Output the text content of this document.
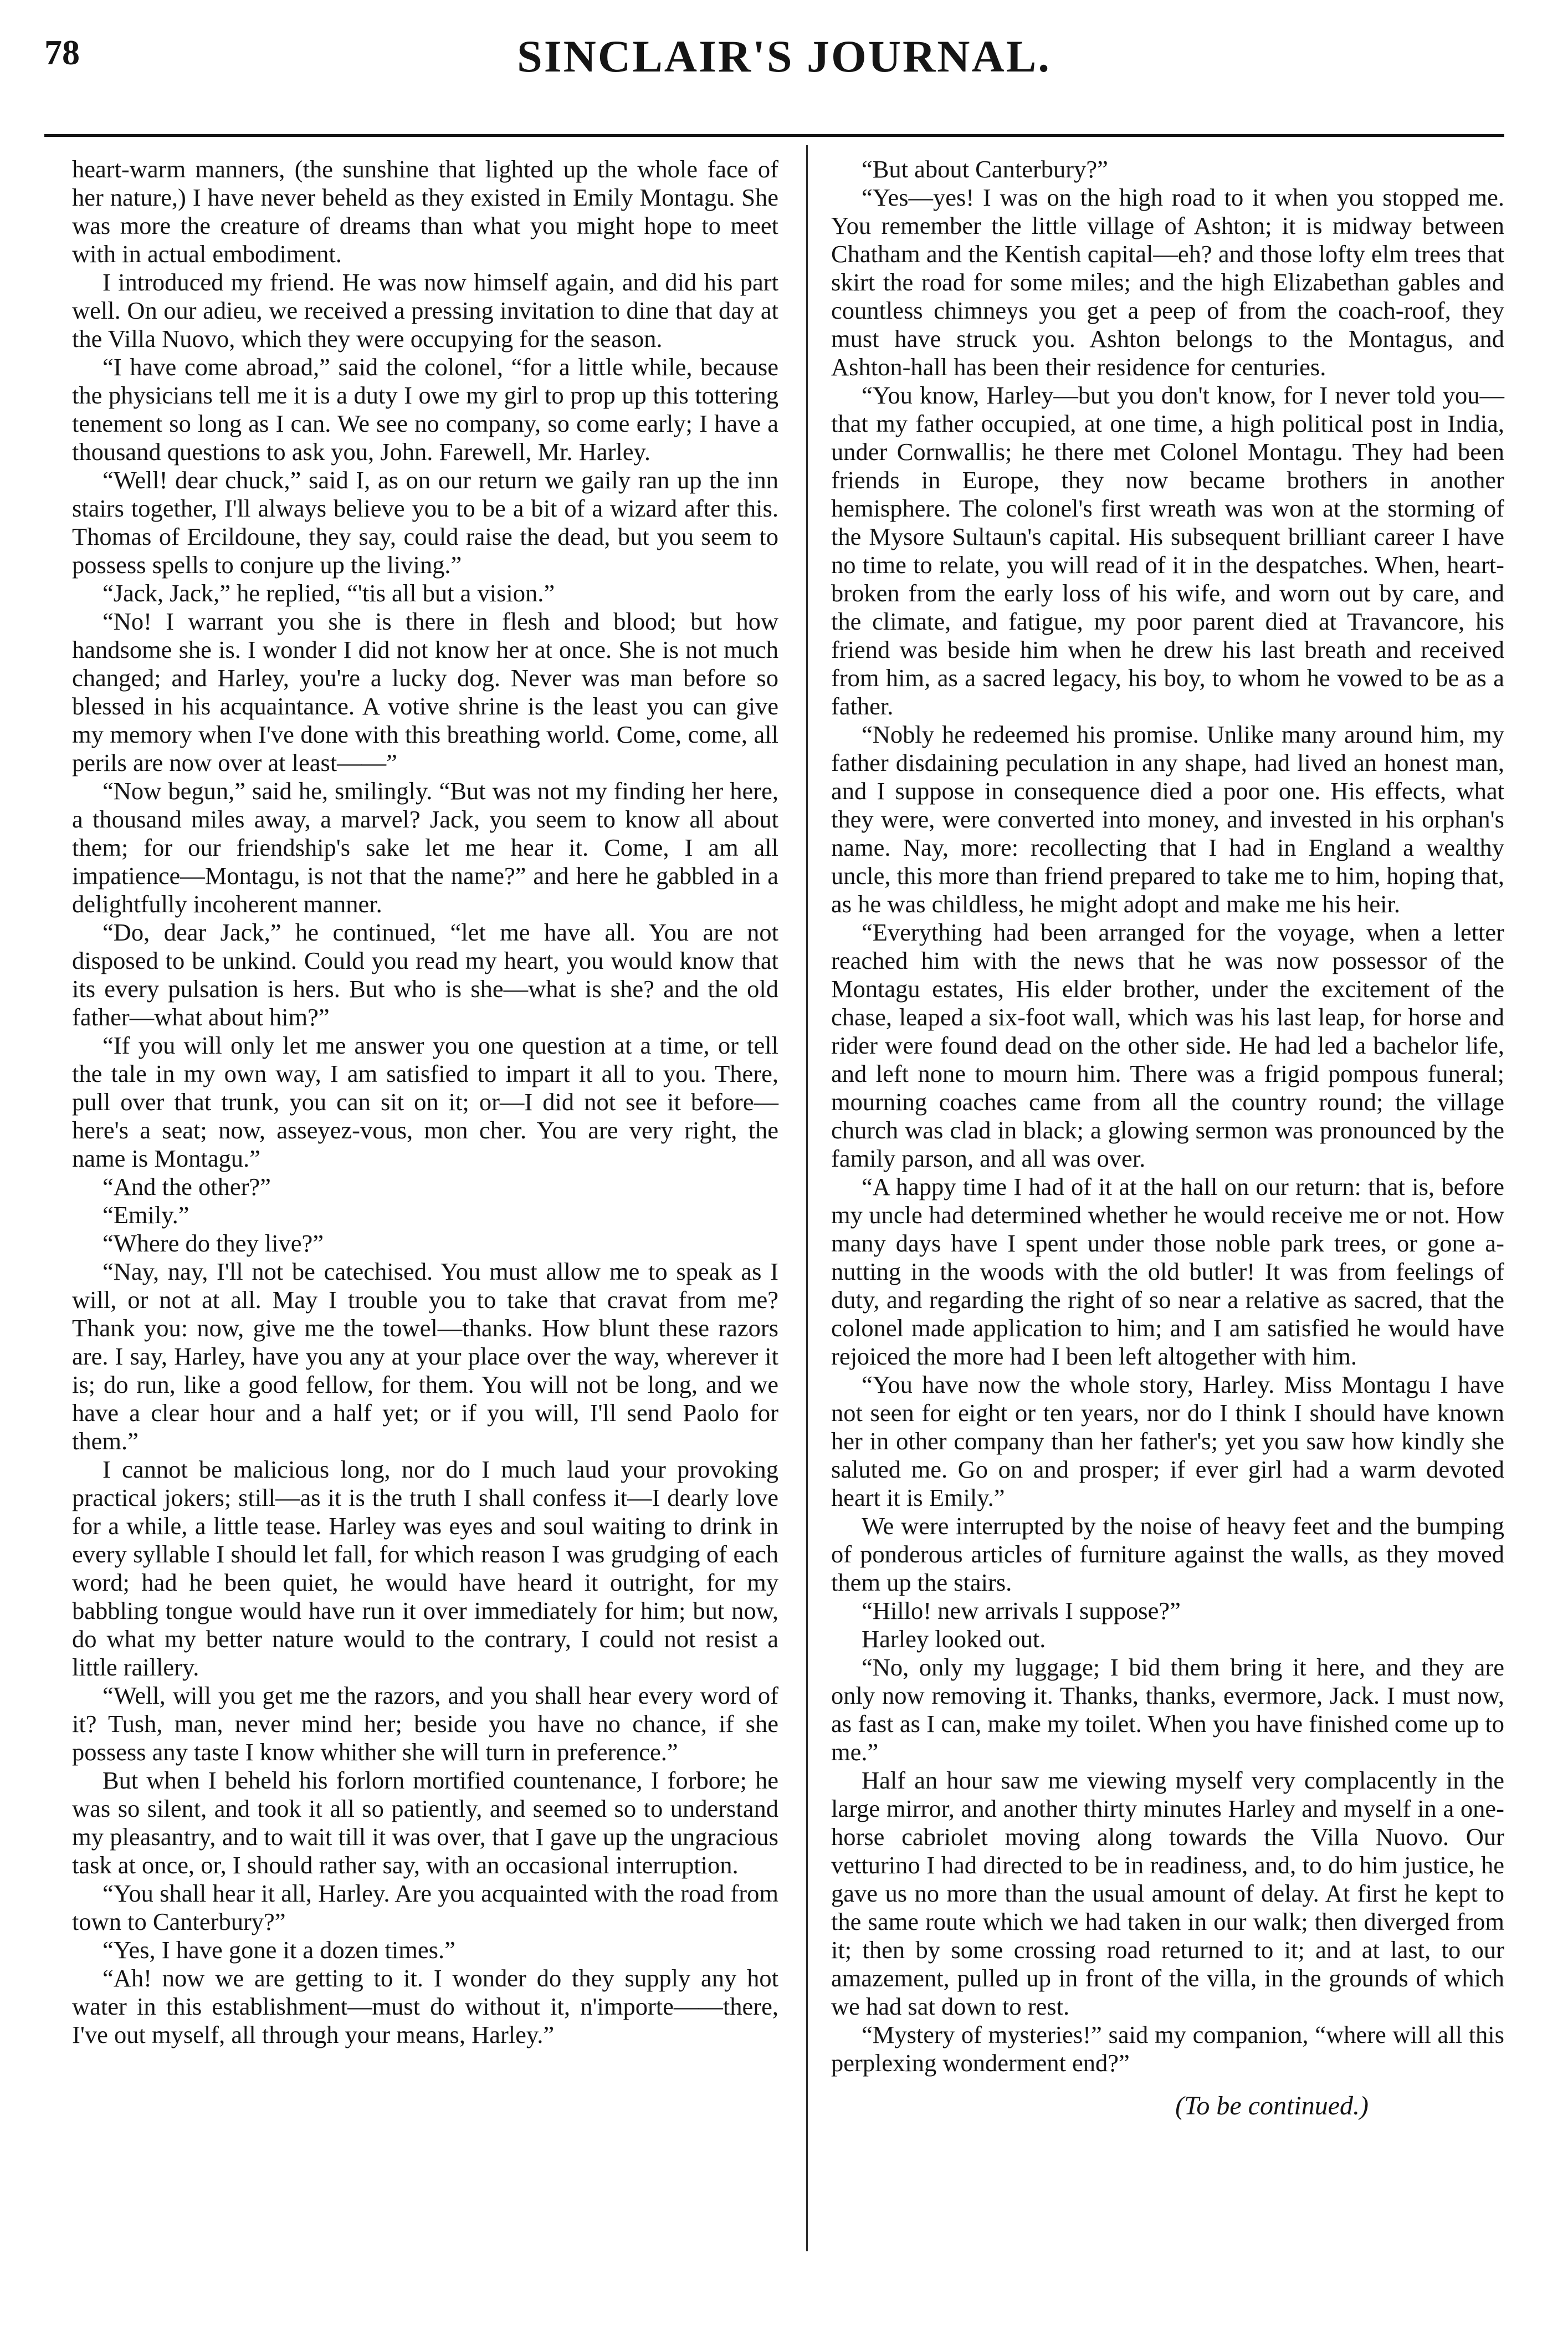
78	SINCLAIR'S JOURNAL.

heart-warm manners, (the sunshine that lighted up the whole face of her nature,) I have never beheld as they existed in Emily Montagu. She was more the creature of dreams than what you might hope to meet with in actual embodiment.

I introduced my friend. He was now himself again, and did his part well. On our adieu, we received a pressing invitation to dine that day at the Villa Nuovo, which they were occupying for the season.

“I have come abroad,” said the colonel, “for a little while, because the physicians tell me it is a duty I owe my girl to prop up this tottering tenement so long as I can. We see no company, so come early; I have a thousand questions to ask you, John. Farewell, Mr. Harley.

“Well! dear chuck,” said I, as on our return we gaily ran up the inn stairs together, I'll always believe you to be a bit of a wizard after this. Thomas of Ercildoune, they say, could raise the dead, but you seem to possess spells to conjure up the living.”

“Jack, Jack,” he replied, “'tis all but a vision.”

“No! I warrant you she is there in flesh and blood; but how handsome she is. I wonder I did not know her at once. She is not much changed; and Harley, you're a lucky dog. Never was man before so blessed in his acquaintance. A votive shrine is the least you can give my memory when I've done with this breathing world. Come, come, all perils are now over at least——”

“Now begun,” said he, smilingly. “But was not my finding her here, a thousand miles away, a marvel? Jack, you seem to know all about them; for our friendship's sake let me hear it. Come, I am all impatience—Montagu, is not that the name?” and here he gabbled in a delightfully incoherent manner.

“Do, dear Jack,” he continued, “let me have all. You are not disposed to be unkind. Could you read my heart, you would know that its every pulsation is hers. But who is she—what is she? and the old father—what about him?”

“If you will only let me answer you one question at a time, or tell the tale in my own way, I am satisfied to impart it all to you. There, pull over that trunk, you can sit on it; or—I did not see it before—here's a seat; now, asseyez-vous, mon cher. You are very right, the name is Montagu.”

“And the other?”

“Emily.”

“Where do they live?”

“Nay, nay, I'll not be catechised. You must allow me to speak as I will, or not at all. May I trouble you to take that cravat from me? Thank you: now, give me the towel—thanks. How blunt these razors are. I say, Harley, have you any at your place over the way, wherever it is; do run, like a good fellow, for them. You will not be long, and we have a clear hour and a half yet; or if you will, I'll send Paolo for them.”

I cannot be malicious long, nor do I much laud your provoking practical jokers; still—as it is the truth I shall confess it—I dearly love for a while, a little tease. Harley was eyes and soul waiting to drink in every syllable I should let fall, for which reason I was grudging of each word; had he been quiet, he would have heard it outright, for my babbling tongue would have run it over immediately for him; but now, do what my better nature would to the contrary, I could not resist a little raillery.

“Well, will you get me the razors, and you shall hear every word of it? Tush, man, never mind her; beside you have no chance, if she possess any taste I know whither she will turn in preference.”

But when I beheld his forlorn mortified countenance, I forbore; he was so silent, and took it all so patiently, and seemed so to understand my pleasantry, and to wait till it was over, that I gave up the ungracious task at once, or, I should rather say, with an occasional interruption.

“You shall hear it all, Harley. Are you acquainted with the road from town to Canterbury?”

“Yes, I have gone it a dozen times.”

“Ah! now we are getting to it. I wonder do they supply any hot water in this establishment—must do without it, n'importe——there, I've out myself, all through your means, Harley.”

“But about Canterbury?”

“Yes—yes! I was on the high road to it when you stopped me. You remember the little village of Ashton; it is midway between Chatham and the Kentish capital—eh? and those lofty elm trees that skirt the road for some miles; and the high Elizabethan gables and countless chimneys you get a peep of from the coach-roof, they must have struck you. Ashton belongs to the Montagus, and Ashton-hall has been their residence for centuries.

“You know, Harley—but you don't know, for I never told you—that my father occupied, at one time, a high political post in India, under Cornwallis; he there met Colonel Montagu. They had been friends in Europe, they now became brothers in another hemisphere. The colonel's first wreath was won at the storming of the Mysore Sultaun's capital. His subsequent brilliant career I have no time to relate, you will read of it in the despatches. When, heart-broken from the early loss of his wife, and worn out by care, and the climate, and fatigue, my poor parent died at Travancore, his friend was beside him when he drew his last breath and received from him, as a sacred legacy, his boy, to whom he vowed to be as a father.

“Nobly he redeemed his promise. Unlike many around him, my father disdaining peculation in any shape, had lived an honest man, and I suppose in consequence died a poor one. His effects, what they were, were converted into money, and invested in his orphan's name. Nay, more: recollecting that I had in England a wealthy uncle, this more than friend prepared to take me to him, hoping that, as he was childless, he might adopt and make me his heir.

“Everything had been arranged for the voyage, when a letter reached him with the news that he was now possessor of the Montagu estates, His elder brother, under the excitement of the chase, leaped a six-foot wall, which was his last leap, for horse and rider were found dead on the other side. He had led a bachelor life, and left none to mourn him. There was a frigid pompous funeral; mourning coaches came from all the country round; the village church was clad in black; a glowing sermon was pronounced by the family parson, and all was over.

“A happy time I had of it at the hall on our return: that is, before my uncle had determined whether he would receive me or not. How many days have I spent under those noble park trees, or gone a-nutting in the woods with the old butler! It was from feelings of duty, and regarding the right of so near a relative as sacred, that the colonel made application to him; and I am satisfied he would have rejoiced the more had I been left altogether with him.

“You have now the whole story, Harley. Miss Montagu I have not seen for eight or ten years, nor do I think I should have known her in other company than her father's; yet you saw how kindly she saluted me. Go on and prosper; if ever girl had a warm devoted heart it is Emily.”

We were interrupted by the noise of heavy feet and the bumping of ponderous articles of furniture against the walls, as they moved them up the stairs.

“Hillo! new arrivals I suppose?”

Harley looked out.

“No, only my luggage; I bid them bring it here, and they are only now removing it. Thanks, thanks, evermore, Jack. I must now, as fast as I can, make my toilet. When you have finished come up to me.”

Half an hour saw me viewing myself very complacently in the large mirror, and another thirty minutes Harley and myself in a one-horse cabriolet moving along towards the Villa Nuovo. Our vetturino I had directed to be in readiness, and, to do him justice, he gave us no more than the usual amount of delay. At first he kept to the same route which we had taken in our walk; then diverged from it; then by some crossing road returned to it; and at last, to our amazement, pulled up in front of the villa, in the grounds of which we had sat down to rest.

“Mystery of mysteries!” said my companion, “where will all this perplexing wonderment end?”

(To be continued.)
